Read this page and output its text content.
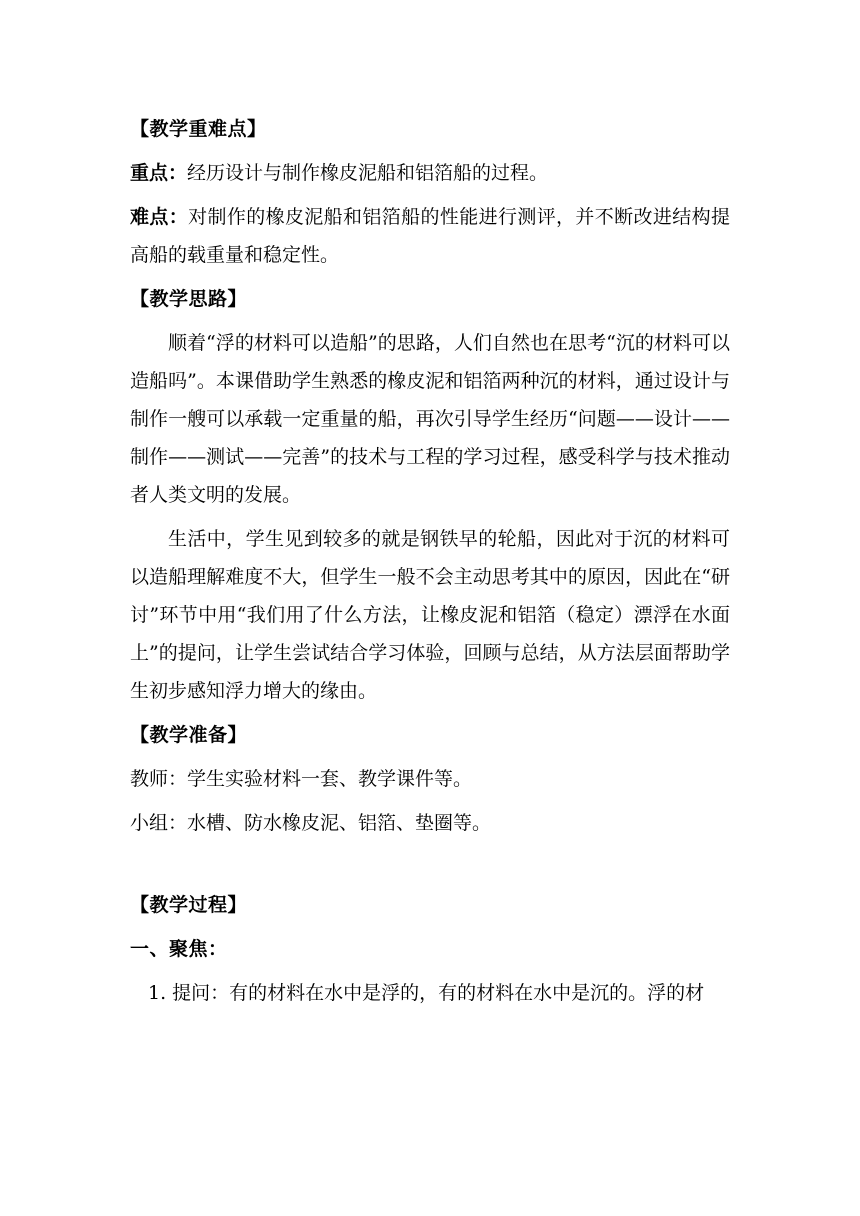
【教学重难点】

重点：经历设计与制作橡皮泥船和铝箔船的过程。

难点：对制作的橡皮泥船和铝箔船的性能进行测评，并不断改进结构提高船的载重量和稳定性。

【教学思路】

顺着“浮的材料可以造船”的思路，人们自然也在思考“沉的材料可以造船吗”。本课借助学生熟悉的橡皮泥和铝箔两种沉的材料，通过设计与制作一艘可以承载一定重量的船，再次引导学生经历“问题——设计——制作——测试——完善”的技术与工程的学习过程，感受科学与技术推动者人类文明的发展。

生活中，学生见到较多的就是钢铁早的轮船，因此对于沉的材料可以造船理解难度不大，但学生一般不会主动思考其中的原因，因此在“研讨”环节中用“我们用了什么方法，让橡皮泥和铝箔（稳定）漂浮在水面上”的提问，让学生尝试结合学习体验，回顾与总结，从方法层面帮助学生初步感知浮力增大的缘由。

【教学准备】

教师：学生实验材料一套、教学课件等。

小组：水槽、防水橡皮泥、铝箔、垫圈等。

【教学过程】

一、聚焦：

1. 提问：有的材料在水中是浮的，有的材料在水中是沉的。浮的材
